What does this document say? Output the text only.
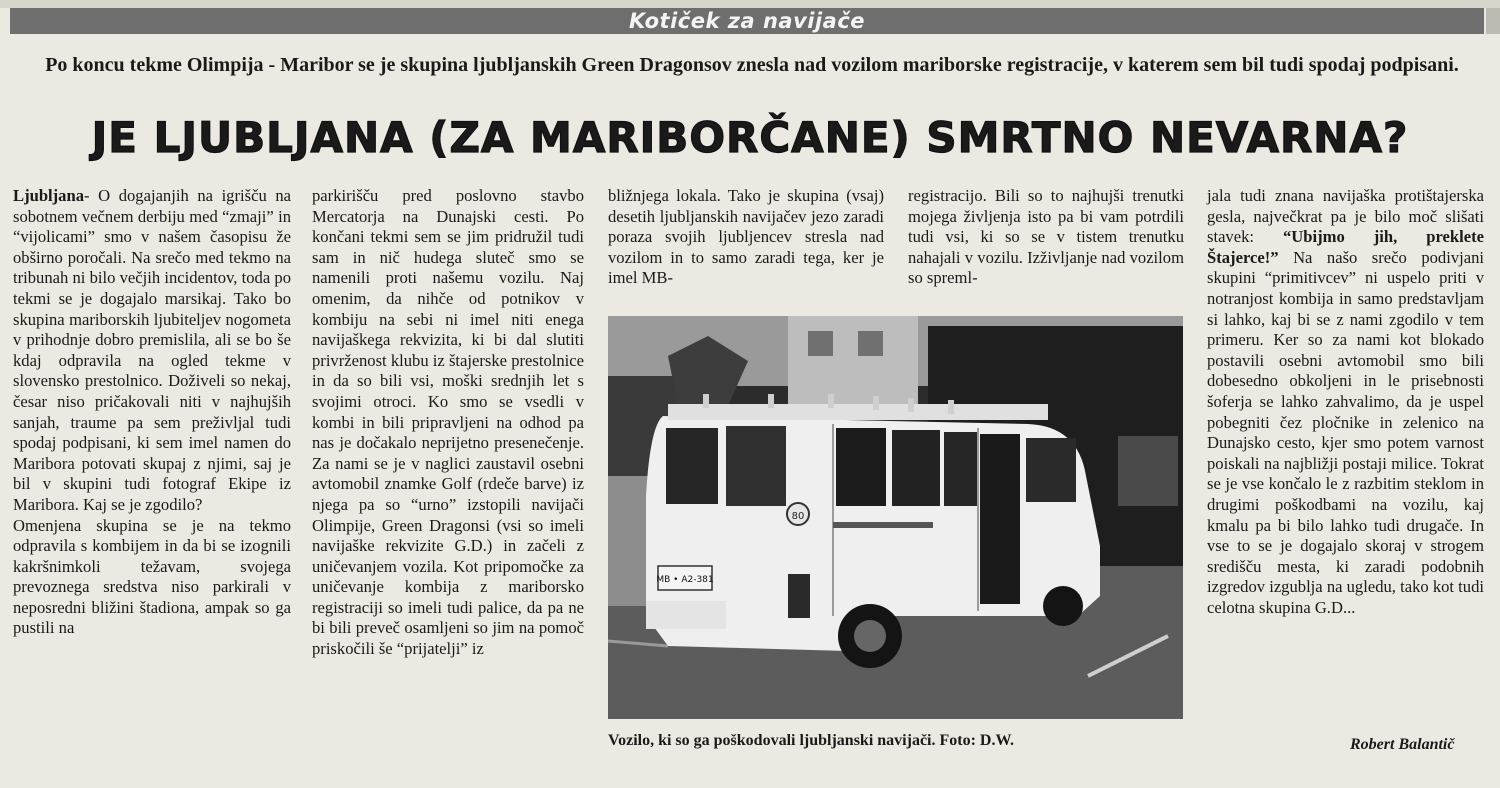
Kotiček za navijače
Po koncu tekme Olimpija - Maribor se je skupina ljubljanskih Green Dragonsov znesla nad vozilom mariborske registracije, v katerem sem bil tudi spodaj podpisani.
JE LJUBLJANA (ZA MARIBORČANE) SMRTNO NEVARNA?

Ljubljana- O dogajanjih na igrišču na sobotnem večnem derbiju med “zmaji” in “vijolicami” smo v našem časopisu že obširno poročali. Na srečo med tekmo na tribunah ni bilo večjih incidentov, toda po tekmi se je dogajalo marsikaj. Tako bo skupina mariborskih ljubiteljev nogometa v prihodnje dobro premislila, ali se bo še kdaj odpravila na ogled tekme v slovensko prestolnico. Doživeli so nekaj, česar niso pričakovali niti v najhujših sanjah, traume pa sem preživljal tudi spodaj podpisani, ki sem imel namen do Maribora potovati skupaj z njimi, saj je bil v skupini tudi fotograf Ekipe iz Maribora. Kaj se je zgodilo?

Omenjena skupina se je na tekmo odpravila s kombijem in da bi se izognili kakršnimkoli težavam, svojega prevoznega sredstva niso parkirali v neposredni bližini štadiona, ampak so ga pustili na

parkirišču pred poslovno stavbo Mercatorja na Dunajski cesti. Po končani tekmi sem se jim pridružil tudi sam in nič hudega sluteč smo se namenili proti našemu vozilu. Naj omenim, da nihče od potnikov v kombiju na sebi ni imel niti enega navijaškega rekvizita, ki bi dal slutiti privrženost klubu iz štajerske prestolnice in da so bili vsi, moški srednjih let s svojimi otroci. Ko smo se vsedli v kombi in bili pripravljeni na odhod pa nas je dočakalo neprijetno presenečenje. Za nami se je v naglici zaustavil osebni avtomobil znamke Golf (rdeče barve) iz njega pa so “urno” izstopili navijači Olimpije, Green Dragonsi (vsi so imeli navijaške rekvizite G.D.) in začeli z uničevanjem vozila. Kot pripomočke za uničevanje kombija z mariborsko registraciji so imeli tudi palice, da pa ne bi bili preveč osamljeni so jim na pomoč priskočili še “prijatelji” iz

bližnjega lokala. Tako je skupina (vsaj) desetih ljubljanskih navijačev jezo zaradi poraza svojih ljubljencev stresla nad vozilom in to samo zaradi tega, ker je imel MB-

registracijo. Bili so to najhujši trenutki mojega življenja isto pa bi vam potrdili tudi vsi, ki so se v tistem trenutku nahajali v vozilu. Izživljanje nad vozilom so spreml-

jala tudi znana navijaška protištajerska gesla, največkrat pa je bilo moč slišati stavek: “Ubijmo jih, preklete Štajerce!” Na našo srečo podivjani skupini “primitivcev” ni uspelo priti v notranjost kombija in samo predstavljam si lahko, kaj bi se z nami zgodilo v tem primeru. Ker so za nami kot blokado postavili osebni avtomobil smo bili dobesedno obkoljeni in le prisebnosti šoferja se lahko zahvalimo, da je uspel pobegniti čez pločnike in zelenico na Dunajsko cesto, kjer smo potem varnost poiskali na najbližji postaji milice. Tokrat se je vse končalo le z razbitim steklom in drugimi poškodbami na vozilu, kaj kmalu pa bi bilo lahko tudi drugače. In vse to se je dogajalo skoraj v strogem središču mesta, ki zaradi podobnih izgredov izgublja na ugledu, tako kot tudi celotna skupina G.D...

80
MB • A2-381
Vozilo, ki so ga poškodovali ljubljanski navijači. Foto: D.W.	Robert Balantič
